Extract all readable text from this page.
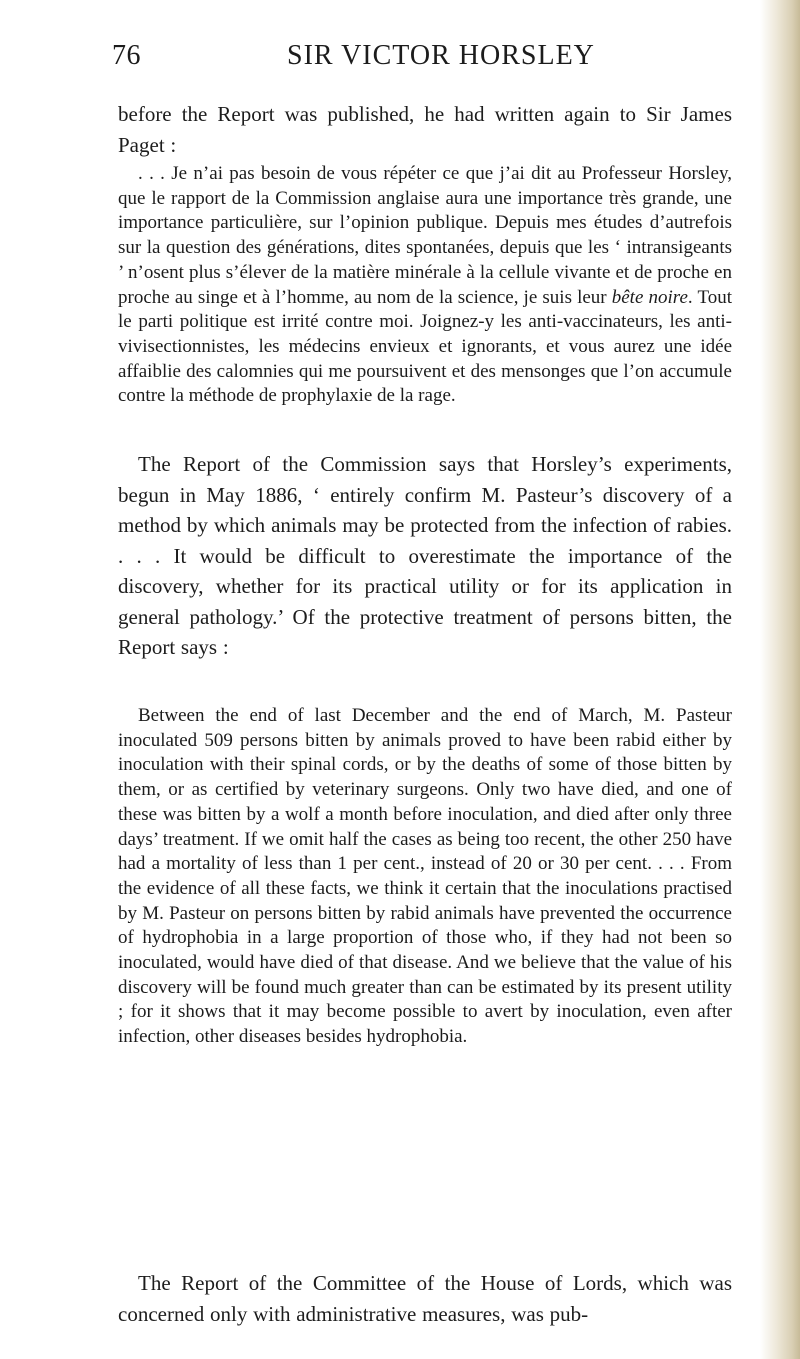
76	SIR VICTOR HORSLEY

before the Report was published, he had written again to Sir James Paget :

. . . Je n’ai pas besoin de vous répéter ce que j’ai dit au Professeur Horsley, que le rapport de la Commission anglaise aura une importance très grande, une importance particulière, sur l’opinion publique. Depuis mes études d’autrefois sur la question des générations, dites spontanées, depuis que les ‘ intransigeants ’ n’osent plus s’élever de la matière minérale à la cellule vivante et de proche en proche au singe et à l’homme, au nom de la science, je suis leur bête noire. Tout le parti politique est irrité contre moi. Joignez-y les anti-vaccinateurs, les anti-vivisectionnistes, les médecins envieux et ignorants, et vous aurez une idée affaiblie des calomnies qui me poursuivent et des mensonges que l’on accumule contre la méthode de prophylaxie de la rage.

The Report of the Commission says that Horsley’s experiments, begun in May 1886, ‘ entirely confirm M. Pasteur’s discovery of a method by which animals may be protected from the infection of rabies. . . . It would be difficult to overestimate the importance of the discovery, whether for its practical utility or for its application in general pathology.’ Of the protective treatment of persons bitten, the Report says :

Between the end of last December and the end of March, M. Pasteur inoculated 509 persons bitten by animals proved to have been rabid either by inoculation with their spinal cords, or by the deaths of some of those bitten by them, or as certified by veterinary surgeons. Only two have died, and one of these was bitten by a wolf a month before inoculation, and died after only three days’ treatment. If we omit half the cases as being too recent, the other 250 have had a mortality of less than 1 per cent., instead of 20 or 30 per cent. . . . From the evidence of all these facts, we think it certain that the inoculations practised by M. Pasteur on persons bitten by rabid animals have prevented the occurrence of hydrophobia in a large proportion of those who, if they had not been so inoculated, would have died of that disease. And we believe that the value of his discovery will be found much greater than can be estimated by its present utility ; for it shows that it may become possible to avert by inoculation, even after infection, other diseases besides hydrophobia.

The Report of the Committee of the House of Lords, which was concerned only with administrative measures, was pub-
